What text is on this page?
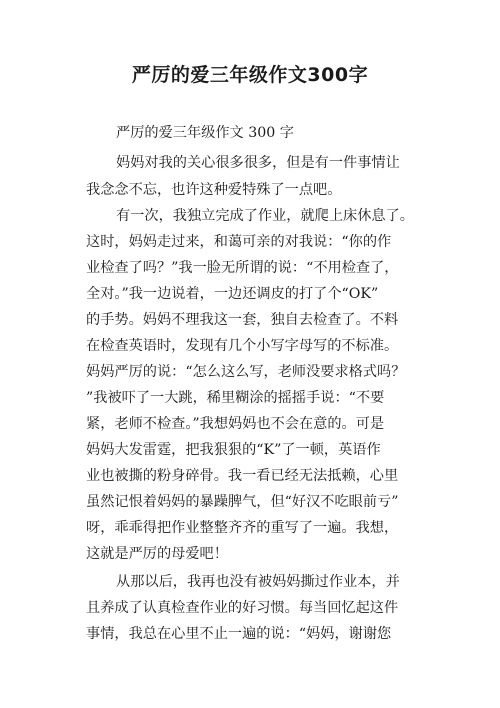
严厉的爱三年级作文300字
严厉的爱三年级作文 300 字
妈妈对我的关心很多很多，但是有一件事情让
我念念不忘，也许这种爱特殊了一点吧。
有一次，我独立完成了作业，就爬上床休息了。
这时，妈妈走过来，和蔼可亲的对我说：“你的作
业检查了吗？”我一脸无所谓的说：“不用检查了，
全对。”我一边说着，一边还调皮的打了个“OK”
的手势。妈妈不理我这一套，独自去检查了。不料
在检查英语时，发现有几个小写字母写的不标准。
妈妈严厉的说：“怎么这么写，老师没要求格式吗？
”我被吓了一大跳，稀里糊涂的摇摇手说：“不要
紧，老师不检查。”我想妈妈也不会在意的。可是
妈妈大发雷霆，把我狠狠的“K”了一顿，英语作
业也被撕的粉身碎骨。我一看已经无法抵赖，心里
虽然记恨着妈妈的暴躁脾气，但“好汉不吃眼前亏”
呀，乖乖得把作业整整齐齐的重写了一遍。我想，
这就是严厉的母爱吧！
从那以后，我再也没有被妈妈撕过作业本，并
且养成了认真检查作业的好习惯。每当回忆起这件
事情，我总在心里不止一遍的说：“妈妈，谢谢您
